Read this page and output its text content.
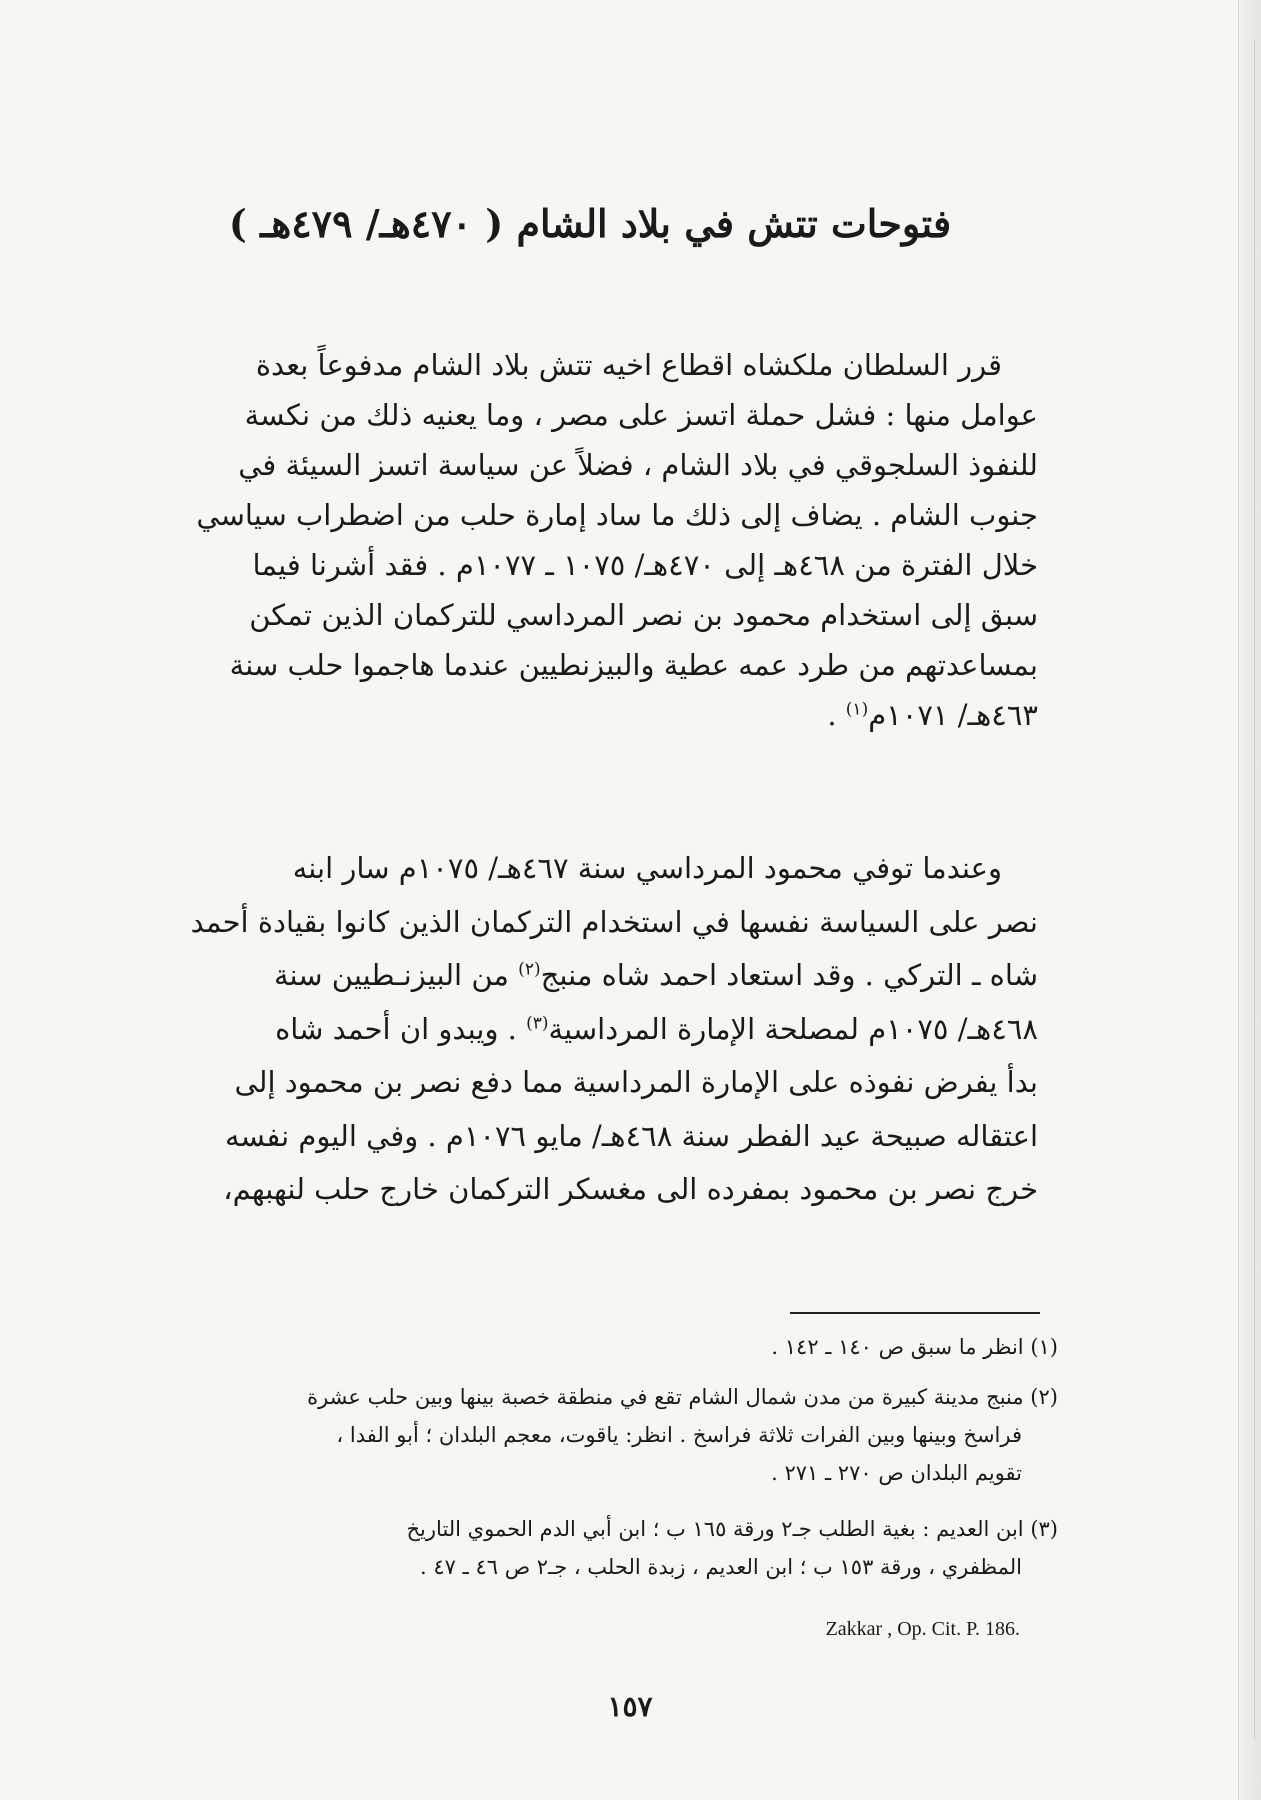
فتوحات تتش في بلاد الشام ( ٤٧٠هـ/ ٤٧٩هـ )
قرر السلطان ملكشاه اقطاع اخيه تتش بلاد الشام مدفوعاً بعدة
عوامل منها : فشل حملة اتسز على مصر ، وما يعنيه ذلك من نكسة
للنفوذ السلجوقي في بلاد الشام ، فضلاً عن سياسة اتسز السيئة في
جنوب الشام . يضاف إلى ذلك ما ساد إمارة حلب من اضطراب سياسي
خلال الفترة من ٤٦٨هـ إلى ٤٧٠هـ/ ١٠٧٥ ـ ١٠٧٧م . فقد أشرنا فيما
سبق إلى استخدام محمود بن نصر المرداسي للتركمان الذين تمكن
بمساعدتهم من طرد عمه عطية والبيزنطيين عندما هاجموا حلب سنة
٤٦٣هـ/ ١٠٧١م$^{(١)}$ .
وعندما توفي محمود المرداسي سنة ٤٦٧هـ/ ١٠٧٥م سار ابنه
نصر على السياسة نفسها في استخدام التركمان الذين كانوا بقيادة أحمد
شاه ـ التركي . وقد استعاد احمد شاه منبج$^{(٢)}$ من البيزنـطيين سنة
٤٦٨هـ/ ١٠٧٥م لمصلحة الإمارة المرداسية$^{(٣)}$ . ويبدو ان أحمد شاه
بدأ يفرض نفوذه على الإمارة المرداسية مما دفع نصر بن محمود إلى
اعتقاله صبيحة عيد الفطر سنة ٤٦٨هـ/ مايو ١٠٧٦م . وفي اليوم نفسه
خرج نصر بن محمود بمفرده الى مغسكر التركمان خارج حلب لنهبهم،
(١) انظر ما سبق ص ١٤٠ ـ ١٤٢ .
(٢) منبج مدينة كبيرة من مدن شمال الشام تقع في منطقة خصبة بينها وبين حلب عشرة
فراسخ وبينها وبين الفرات ثلاثة فراسخ . انظر: ياقوت، معجم البلدان ؛ أبو الفدا ،
تقويم البلدان ص ٢٧٠ ـ ٢٧١ .
(٣) ابن العديم : بغية الطلب جـ٢ ورقة ١٦٥ ب ؛ ابن أبي الدم الحموي التاريخ
المظفري ، ورقة ١٥٣ ب ؛ ابن العديم ، زبدة الحلب ، جـ٢ ص ٤٦ ـ ٤٧ .
Zakkar , Op. Cit. P. 186.
١٥٧
